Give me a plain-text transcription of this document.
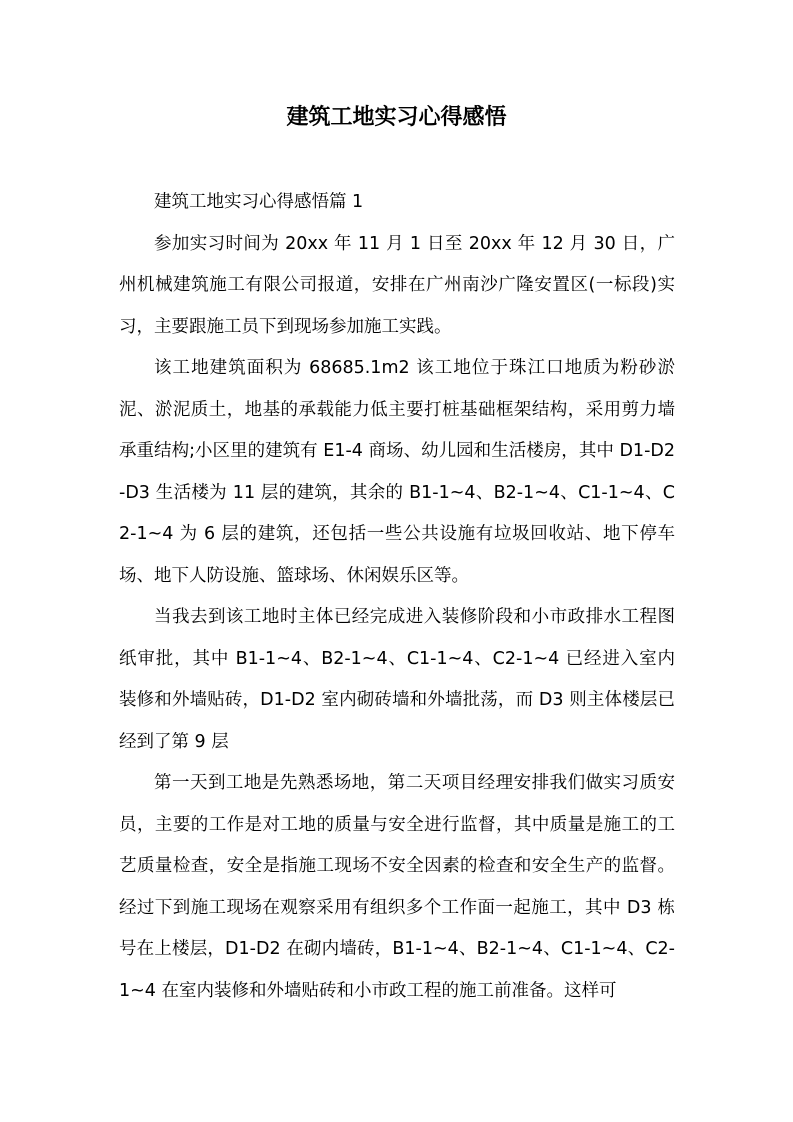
建筑工地实习心得感悟

建筑工地实习心得感悟篇 1

参加实习时间为 20xx 年 11 月 1 日至 20xx 年 12 月 30 日，广州机械建筑施工有限公司报道，安排在广州南沙广隆安置区(一标段)实习，主要跟施工员下到现场参加施工实践。

该工地建筑面积为 68685.1m2 该工地位于珠江口地质为粉砂淤泥、淤泥质土，地基的承载能力低主要打桩基础框架结构，采用剪力墙承重结构;小区里的建筑有 E1-4 商场、幼儿园和生活楼房，其中 D1-D2-D3 生活楼为 11 层的建筑，其余的 B1-1~4、B2-1~4、C1-1~4、C2-1~4 为 6 层的建筑，还包括一些公共设施有垃圾回收站、地下停车场、地下人防设施、篮球场、休闲娱乐区等。

当我去到该工地时主体已经完成进入装修阶段和小市政排水工程图纸审批，其中 B1-1~4、B2-1~4、C1-1~4、C2-1~4 已经进入室内装修和外墙贴砖，D1-D2 室内砌砖墙和外墙批荡，而 D3 则主体楼层已经到了第 9 层

第一天到工地是先熟悉场地，第二天项目经理安排我们做实习质安员，主要的工作是对工地的质量与安全进行监督，其中质量是施工的工艺质量检查，安全是指施工现场不安全因素的检查和安全生产的监督。经过下到施工现场在观察采用有组织多个工作面一起施工，其中 D3 栋号在上楼层，D1-D2 在砌内墙砖，B1-1~4、B2-1~4、C1-1~4、C2-1~4 在室内装修和外墙贴砖和小市政工程的施工前准备。这样可
